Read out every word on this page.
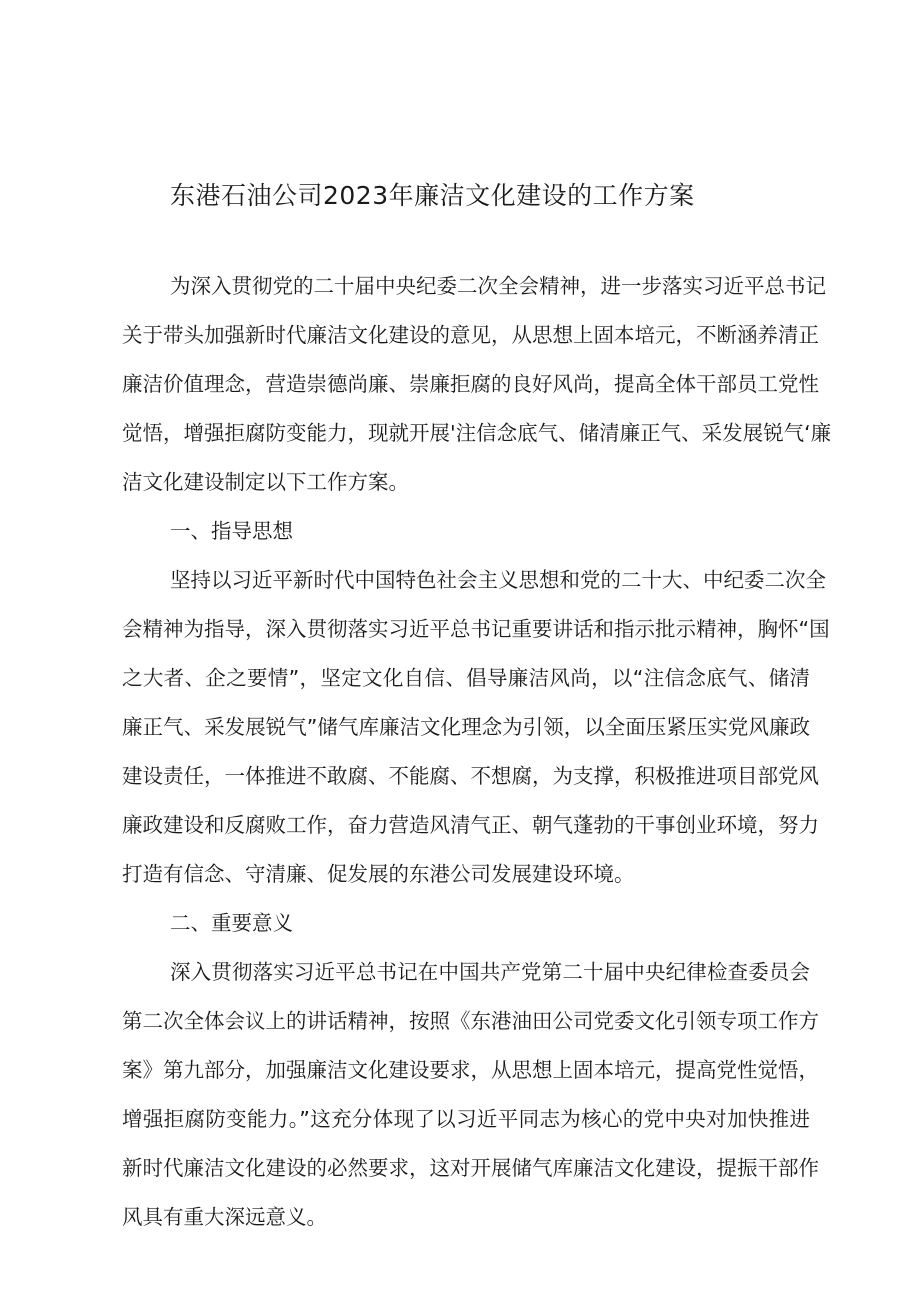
东港石油公司2023年廉洁文化建设的工作方案

为深入贯彻党的二十届中央纪委二次全会精神，进一步落实习近平总书记

关于带头加强新时代廉洁文化建设的意见，从思想上固本培元，不断涵养清正

廉洁价值理念，营造崇德尚廉、崇廉拒腐的良好风尚，提高全体干部员工党性

觉悟，增强拒腐防变能力，现就开展'注信念底气、储清廉正气、采发展锐气‘廉

洁文化建设制定以下工作方案。

一、指导思想

坚持以习近平新时代中国特色社会主义思想和党的二十大、中纪委二次全

会精神为指导，深入贯彻落实习近平总书记重要讲话和指示批示精神，胸怀“国

之大者、企之要情”，坚定文化自信、倡导廉洁风尚，以“注信念底气、储清

廉正气、采发展锐气”储气库廉洁文化理念为引领，以全面压紧压实党风廉政

建设责任，一体推进不敢腐、不能腐、不想腐，为支撑，积极推进项目部党风

廉政建设和反腐败工作，奋力营造风清气正、朝气蓬勃的干事创业环境，努力

打造有信念、守清廉、促发展的东港公司发展建设环境。

二、重要意义

深入贯彻落实习近平总书记在中国共产党第二十届中央纪律检查委员会

第二次全体会议上的讲话精神，按照《东港油田公司党委文化引领专项工作方

案》第九部分，加强廉洁文化建设要求，从思想上固本培元，提高党性觉悟，

增强拒腐防变能力。”这充分体现了以习近平同志为核心的党中央对加快推进

新时代廉洁文化建设的必然要求，这对开展储气库廉洁文化建设，提振干部作

风具有重大深远意义。
